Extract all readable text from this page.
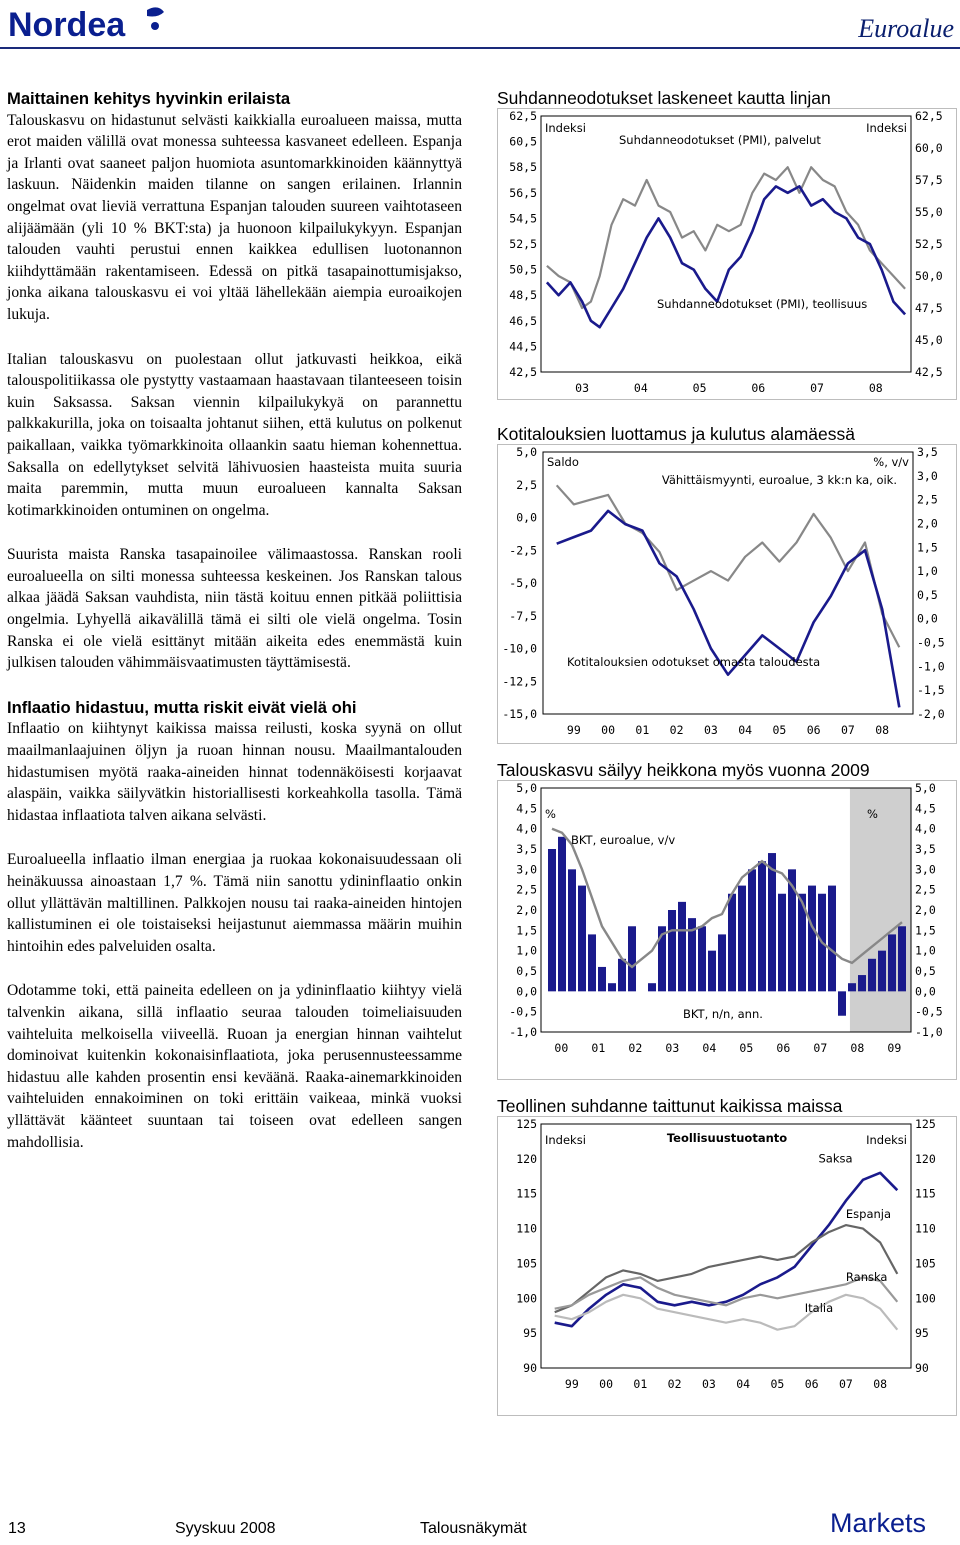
Nordea	Euroalue
Maittainen kehitys hyvinkin erilaista

Talouskasvu on hidastunut selvästi kaikkialla euroalueen maissa, mutta erot maiden välillä ovat monessa suhteessa kasvaneet edelleen. Espanja ja Irlanti ovat saaneet paljon huomiota asuntomarkkinoiden käännyttyä laskuun. Näidenkin maiden tilanne on sangen erilainen. Irlannin ongelmat ovat lieviä verrattuna Espanjan talouden suureen vaihtotaseen alijäämään (yli 10 % BKT:sta) ja huonoon kilpailukykyyn. Espanjan talouden vauhti perustui ennen kaikkea edullisen luotonannon kiihdyttämään rakentamiseen. Edessä on pitkä tasapainottumisjakso, jonka aikana talouskasvu ei voi yltää lähellekään aiempia euroaikojen lukuja.

Italian talouskasvu on puolestaan ollut jatkuvasti heikkoa, eikä talouspolitiikassa ole pystytty vastaamaan haastavaan tilanteeseen toisin kuin Saksassa. Saksan viennin kilpailukykyä on parannettu palkkakurilla, joka on toisaalta johtanut siihen, että kulutus on polkenut paikallaan, vaikka työmarkkinoita ollaankin saatu hieman kohennettua. Saksalla on edellytykset selvitä lähivuosien haasteista muita suuria maita paremmin, mutta muun euroalueen kannalta Saksan kotimarkkinoiden ontuminen on ongelma.

Suurista maista Ranska tasapainoilee välimaastossa. Ranskan rooli euroalueella on silti monessa suhteessa keskeinen. Jos Ranskan talous alkaa jäädä Saksan vauhdista, niin tästä koituu ennen pitkää poliittisia ongelmia. Lyhyellä aikavälillä tämä ei silti ole vielä ongelma. Tosin Ranska ei ole vielä esittänyt mitään aikeita edes enemmästä kuin julkisen talouden vähimmäisvaatimusten täyttämisestä.

Inflaatio hidastuu, mutta riskit eivät vielä ohi

Inflaatio on kiihtynyt kaikissa maissa reilusti, koska syynä on ollut maailmanlaajuinen öljyn ja ruoan hinnan nousu. Maailmantalouden hidastumisen myötä raaka-aineiden hinnat todennäköisesti korjaavat alaspäin, vaikka säilyvätkin historiallisesti korkeahkolla tasolla. Tämä hidastaa inflaatiota talven aikana selvästi.

Euroalueella inflaatio ilman energiaa ja ruokaa kokonaisuudessaan oli heinäkuussa ainoastaan 1,7 %. Tämä niin sanottu ydininflaatio onkin ollut yllättävän maltillinen. Palkkojen nousu tai raaka-aineiden hintojen kallistuminen ei ole toistaiseksi heijastunut aiemmassa määrin muihin hintoihin edes palveluiden osalta.

Odotamme toki, että paineita edelleen on ja ydininflaatio kiihtyy vielä talvenkin aikana, sillä inflaatio seuraa talouden toimeliaisuuden vaihteluita melkoisella viiveellä. Ruoan ja energian hinnan vaihtelut dominoivat kuitenkin kokonaisinflaatiota, joka perusennusteessamme hidastuu alle kahden prosentin ensi keväänä. Raaka-ainemarkkinoiden vaihteluiden ennakoiminen on toki erittäin vaikeaa, minkä vuoksi yllättävät käänteet suuntaan tai toiseen ovat edelleen sangen mahdollisia.

Suhdanneodotukset laskeneet kautta linjan
62,5
60,5
58,5
56,5
54,5
52,5
50,5
48,5
46,5
44,5
42,5
62,5
60,0
57,5
55,0
52,5
50,0
47,5
45,0
42,5
03	04	05	06	07	08
Indeksi	Indeksi
Suhdanneodotukset (PMI), palvelut
Suhdanneodotukset (PMI), teollisuus
Kotitalouksien luottamus ja kulutus alamäessä
5,0
2,5
0,0
-2,5
-5,0
-7,5
-10,0
-12,5
-15,0
3,5
3,0
2,5
2,0
1,5
1,0
0,5
0,0
-0,5
-1,0
-1,5
-2,0
99 00 01 02 03 04 05 06 07 08
Saldo	%, v/v
Vähittäismyynti, euroalue, 3 kk:n ka, oik.
Kotitalouksien odotukset omasta taloudesta
Talouskasvu säilyy heikkona myös vuonna 2009
5,0
4,5
4,0
3,5
3,0
2,5
2,0
1,5
1,0
0,5
0,0
-0,5
-1,0
5,0
4,5
4,0
3,5
3,0
2,5
2,0
1,5
1,0
0,5
0,0
-0,5
-1,0
00 01 02 03 04 05 06 07 08 09
%	%
BKT, euroalue, v/v
BKT, n/n, ann.
Teollinen suhdanne taittunut kaikissa maissa
125
120
115
110
105
100
95
90
125
120
115
110
105
100
95
90
99 00 01 02 03 04 05 06 07 08
Indeksi	Indeksi
Teollisuustuotanto
Saksa
Espanja
Ranska
Italia
13	Syyskuu 2008	Talousnäkymät	Markets
